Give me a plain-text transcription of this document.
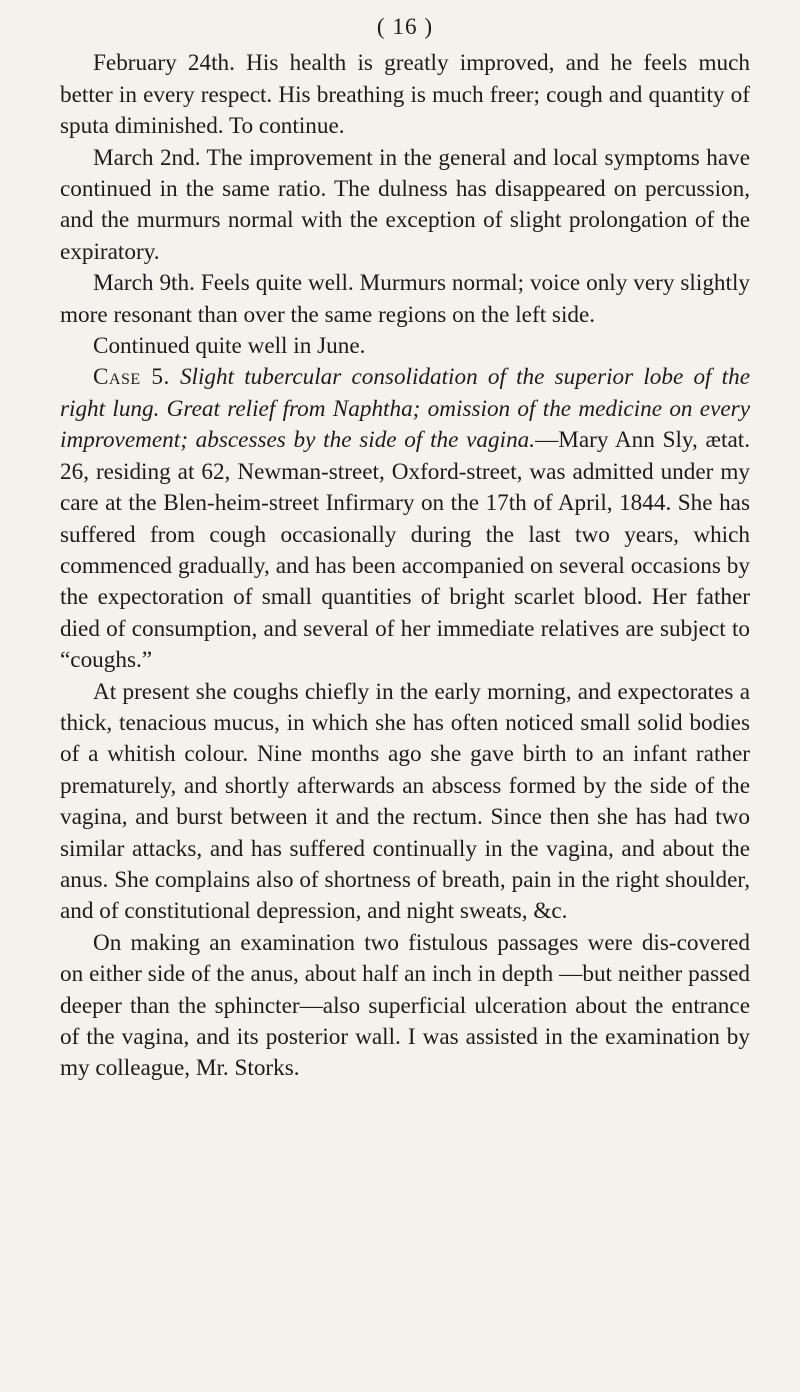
( 16 )

February 24th. His health is greatly improved, and he feels much better in every respect. His breathing is much freer; cough and quantity of sputa diminished. To continue.

March 2nd. The improvement in the general and local symptoms have continued in the same ratio. The dulness has disappeared on percussion, and the murmurs normal with the exception of slight prolongation of the expiratory.

March 9th. Feels quite well. Murmurs normal; voice only very slightly more resonant than over the same regions on the left side.

Continued quite well in June.

Case 5. Slight tubercular consolidation of the superior lobe of the right lung. Great relief from Naphtha; omission of the medicine on every improvement; abscesses by the side of the vagina.—Mary Ann Sly, ætat. 26, residing at 62, Newman-street, Oxford-street, was admitted under my care at the Blen-heim-street Infirmary on the 17th of April, 1844. She has suffered from cough occasionally during the last two years, which commenced gradually, and has been accompanied on several occasions by the expectoration of small quantities of bright scarlet blood. Her father died of consumption, and several of her immediate relatives are subject to “coughs.”

At present she coughs chiefly in the early morning, and expectorates a thick, tenacious mucus, in which she has often noticed small solid bodies of a whitish colour. Nine months ago she gave birth to an infant rather prematurely, and shortly afterwards an abscess formed by the side of the vagina, and burst between it and the rectum. Since then she has had two similar attacks, and has suffered continually in the vagina, and about the anus. She complains also of shortness of breath, pain in the right shoulder, and of constitutional depression, and night sweats, &c.

On making an examination two fistulous passages were dis-covered on either side of the anus, about half an inch in depth —but neither passed deeper than the sphincter—also superficial ulceration about the entrance of the vagina, and its posterior wall. I was assisted in the examination by my colleague, Mr. Storks.
